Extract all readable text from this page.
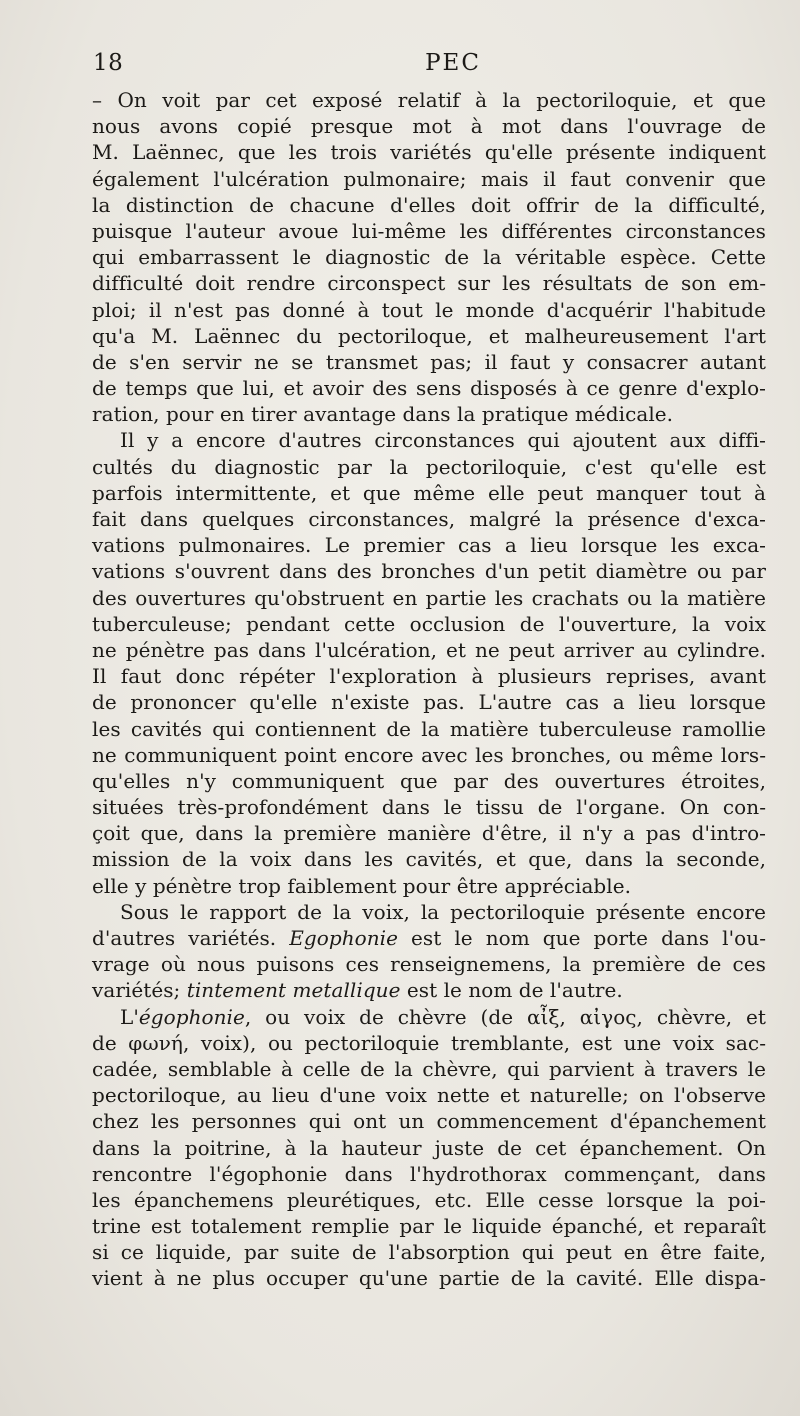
18	PEC
– On voit par cet exposé relatif à la pectoriloquie, et que
nous avons copié presque mot à mot dans l'ouvrage de
M. Laënnec, que les trois variétés qu'elle présente indiquent
également l'ulcération pulmonaire; mais il faut convenir que
la distinction de chacune d'elles doit offrir de la difficulté,
puisque l'auteur avoue lui-même les différentes circonstances
qui embarrassent le diagnostic de la véritable espèce. Cette
difficulté doit rendre circonspect sur les résultats de son em-
ploi; il n'est pas donné à tout le monde d'acquérir l'habitude
qu'a M. Laënnec du pectoriloque, et malheureusement l'art
de s'en servir ne se transmet pas; il faut y consacrer autant
de temps que lui, et avoir des sens disposés à ce genre d'explo-
ration, pour en tirer avantage dans la pratique médicale.
Il y a encore d'autres circonstances qui ajoutent aux diffi-
cultés du diagnostic par la pectoriloquie, c'est qu'elle est
parfois intermittente, et que même elle peut manquer tout à
fait dans quelques circonstances, malgré la présence d'exca-
vations pulmonaires. Le premier cas a lieu lorsque les exca-
vations s'ouvrent dans des bronches d'un petit diamètre ou par
des ouvertures qu'obstruent en partie les crachats ou la matière
tuberculeuse; pendant cette occlusion de l'ouverture, la voix
ne pénètre pas dans l'ulcération, et ne peut arriver au cylindre.
Il faut donc répéter l'exploration à plusieurs reprises, avant
de prononcer qu'elle n'existe pas. L'autre cas a lieu lorsque
les cavités qui contiennent de la matière tuberculeuse ramollie
ne communiquent point encore avec les bronches, ou même lors-
qu'elles n'y communiquent que par des ouvertures étroites,
situées très-profondément dans le tissu de l'organe. On con-
çoit que, dans la première manière d'être, il n'y a pas d'intro-
mission de la voix dans les cavités, et que, dans la seconde,
elle y pénètre trop faiblement pour être appréciable.
Sous le rapport de la voix, la pectoriloquie présente encore
d'autres variétés. Egophonie est le nom que porte dans l'ou-
vrage où nous puisons ces renseignemens, la première de ces
variétés; tintement metallique est le nom de l'autre.
L'égophonie, ou voix de chèvre (de αἶξ, αἰγος, chèvre, et
de φωνή, voix), ou pectoriloquie tremblante, est une voix sac-
cadée, semblable à celle de la chèvre, qui parvient à travers le
pectoriloque, au lieu d'une voix nette et naturelle; on l'observe
chez les personnes qui ont un commencement d'épanchement
dans la poitrine, à la hauteur juste de cet épanchement. On
rencontre l'égophonie dans l'hydrothorax commençant, dans
les épanchemens pleurétiques, etc. Elle cesse lorsque la poi-
trine est totalement remplie par le liquide épanché, et reparaît
si ce liquide, par suite de l'absorption qui peut en être faite,
vient à ne plus occuper qu'une partie de la cavité. Elle dispa-
